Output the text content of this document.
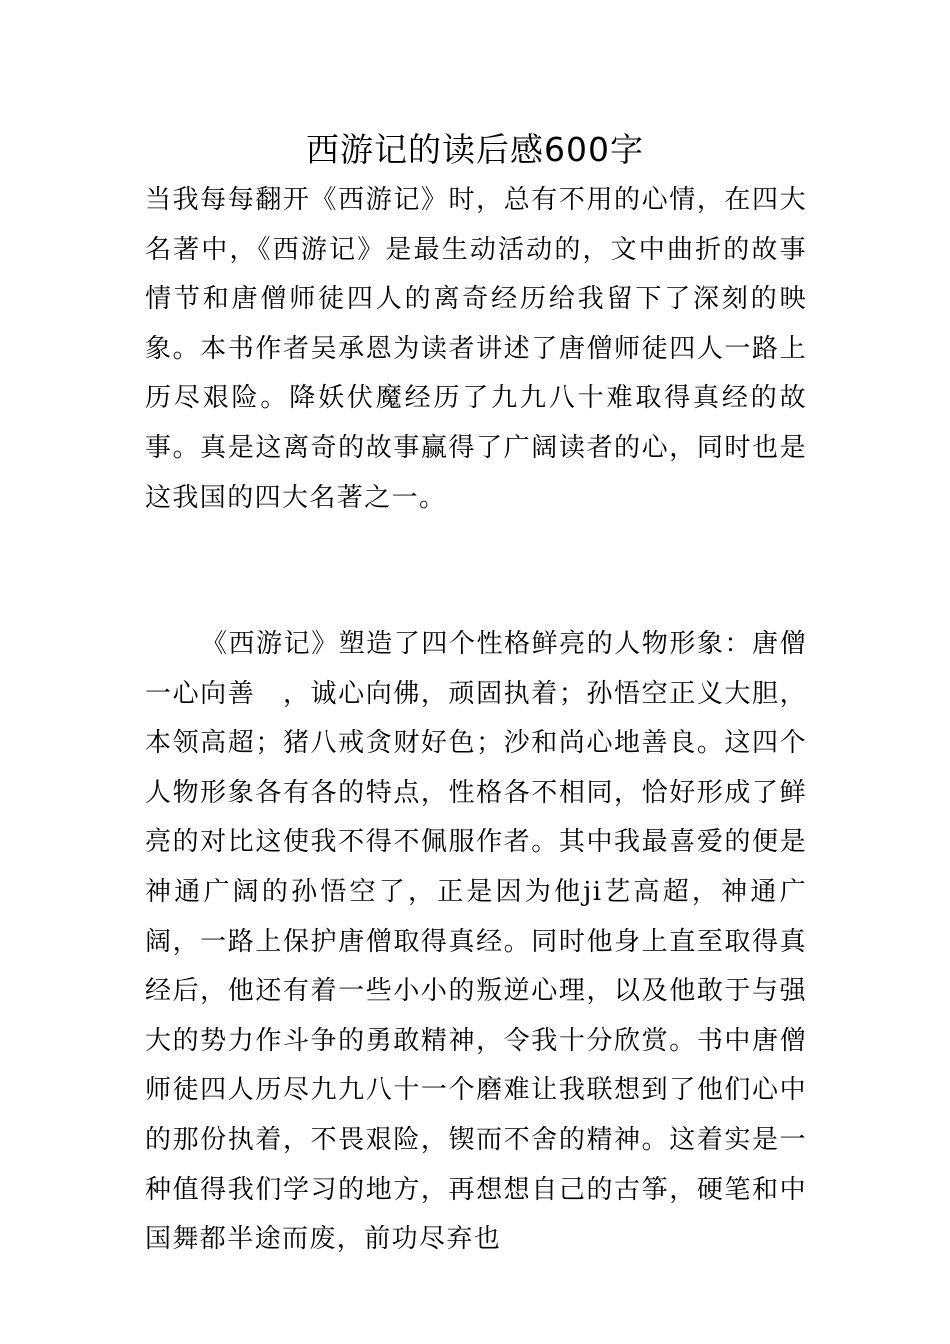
西游记的读后感600字

当我每每翻开《西游记》时，总有不用的心情，在四大名著中，《西游记》是最生动活动的，文中曲折的故事情节和唐僧师徒四人的离奇经历给我留下了深刻的映象。本书作者吴承恩为读者讲述了唐僧师徒四人一路上历尽艰险。降妖伏魔经历了九九八十难取得真经的故事。真是这离奇的故事赢得了广阔读者的心，同时也是这我国的四大名著之一。

《西游记》塑造了四个性格鲜亮的人物形象：唐僧一心向善　，诚心向佛，顽固执着；孙悟空正义大胆，本领高超；猪八戒贪财好色；沙和尚心地善良。这四个人物形象各有各的特点，性格各不相同，恰好形成了鲜亮的对比这使我不得不佩服作者。其中我最喜爱的便是神通广阔的孙悟空了，正是因为他ji艺高超，神通广阔，一路上保护唐僧取得真经。同时他身上直至取得真经后，他还有着一些小小的叛逆心理，以及他敢于与强大的势力作斗争的勇敢精神，令我十分欣赏。书中唐僧师徒四人历尽九九八十一个磨难让我联想到了他们心中的那份执着，不畏艰险，锲而不舍的精神。这着实是一种值得我们学习的地方，再想想自己的古筝，硬笔和中国舞都半途而废，前功尽弃也
